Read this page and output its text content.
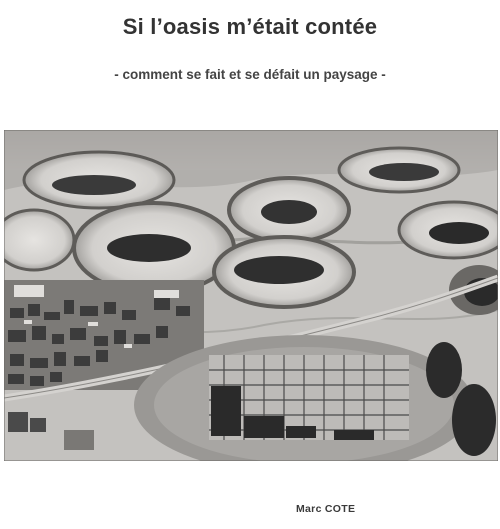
Si l’oasis m’était contée
- comment se fait et se défait un paysage -
Marc COTE
